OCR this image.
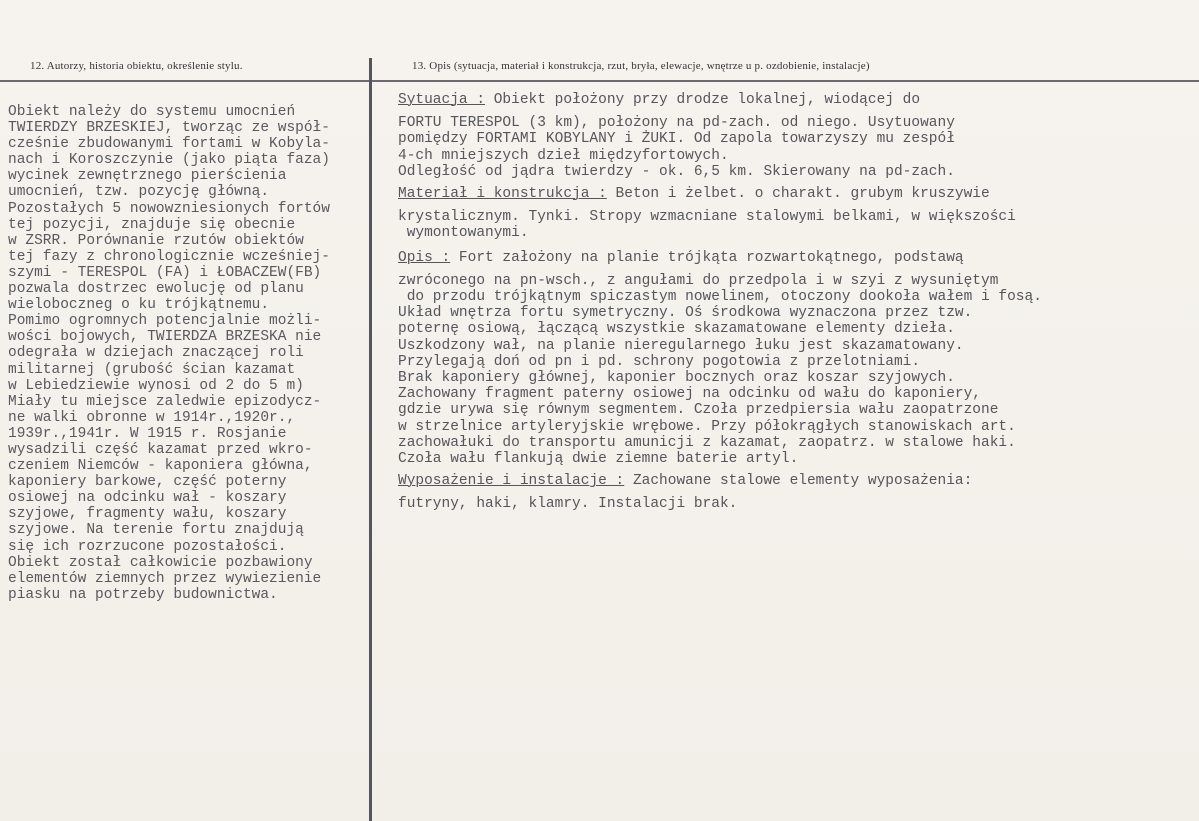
12. Autorzy, historia obiektu, określenie stylu.	13. Opis (sytuacja, materiał i konstrukcja, rzut, bryła, elewacje, wnętrze u p. ozdobienie, instalacje)
Obiekt należy do systemu umocnień
TWIERDZY BRZESKIEJ, tworząc ze współ-
cześnie zbudowanymi fortami w Kobyla-
nach i Koroszczynie (jako piąta faza)
wycinek zewnętrznego pierścienia
umocnień, tzw. pozycję główną.
Pozostałych 5 nowowzniesionych fortów
tej pozycji, znajduje się obecnie
w ZSRR. Porównanie rzutów obiektów
tej fazy z chronologicznie wcześniej-
szymi - TERESPOL (FA) i ŁOBACZEW(FB)
pozwala dostrzec ewolucję od planu
wieloboczneg o ku trójkątnemu.
Pomimo ogromnych potencjalnie możli-
wości bojowych, TWIERDZA BRZESKA nie
odegrała w dziejach znaczącej roli
militarnej (grubość ścian kazamat
w Lebiedziewie wynosi od 2 do 5 m)
Miały tu miejsce zaledwie epizodycz-
ne walki obronne w 1914r.,1920r.,
1939r.,1941r. W 1915 r. Rosjanie
wysadzili część kazamat przed wkro-
czeniem Niemców - kaponiera główna,
kaponiery barkowe, część poterny
osiowej na odcinku wał - koszary
szyjowe, fragmenty wału, koszary
szyjowe. Na terenie fortu znajdują
się ich rozrzucone pozostałości.
Obiekt został całkowicie pozbawiony
elementów ziemnych przez wywiezienie
piasku na potrzeby budownictwa.
Sytuacja : Obiekt położony przy drodze lokalnej, wiodącej do
FORTU TERESPOL (3 km), położony na pd-zach. od niego. Usytuowany
pomiędzy FORTAMI KOBYLANY i ŻUKI. Od zapola towarzyszy mu zespół
4-ch mniejszych dzieł międzyfortowych.
Odległość od jądra twierdzy - ok. 6,5 km. Skierowany na pd-zach.
Materiał i konstrukcja : Beton i żelbet. o charakt. grubym kruszywie
krystalicznym. Tynki. Stropy wzmacniane stalowymi belkami, w większości
wymontowanymi.
Opis : Fort założony na planie trójkąta rozwartokątnego, podstawą
zwróconego na pn-wsch., z angułami do przedpola i w szyi z wysuniętym
do przodu trójkątnym spiczastym nowelinem, otoczony dookoła wałem i fosą.
Układ wnętrza fortu symetryczny. Oś środkowa wyznaczona przez tzw.
poternę osiową, łączącą wszystkie skazamatowane elementy dzieła.
Uszkodzony wał, na planie nieregularnego łuku jest skazamatowany.
Przylegają doń od pn i pd. schrony pogotowia z przelotniami.
Brak kaponiery głównej, kaponier bocznych oraz koszar szyjowych.
Zachowany fragment paterny osiowej na odcinku od wału do kaponiery,
gdzie urywa się równym segmentem. Czoła przedpiersia wału zaopatrzone
w strzelnice artyleryjskie wrębowe. Przy półokrągłych stanowiskach art.
zachowałuki do transportu amunicji z kazamat, zaopatrz. w stalowe haki.
Czoła wału flankują dwie ziemne baterie artyl.
Wyposażenie i instalacje : Zachowane stalowe elementy wyposażenia:
futryny, haki, klamry. Instalacji brak.
